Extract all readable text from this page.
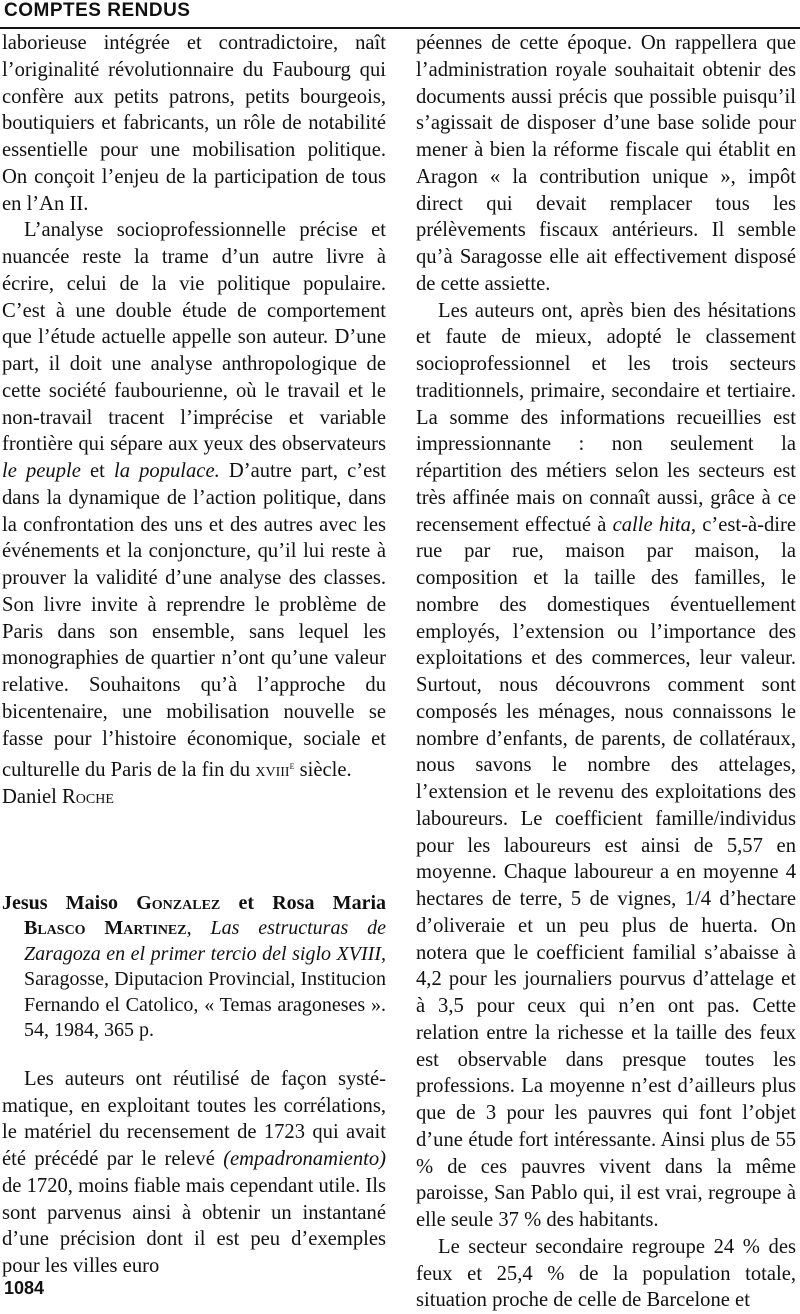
COMPTES RENDUS

laborieuse intégrée et contradictoire, naît l’originalité révolutionnaire du Faubourg qui confère aux petits patrons, petits bourgeois, boutiquiers et fabricants, un rôle de notabilité essentielle pour une mobilisation politique. On conçoit l’enjeu de la participation de tous en l’An II.

L’analyse socioprofessionnelle précise et nuancée reste la trame d’un autre livre à écrire, celui de la vie politique populaire. C’est à une double étude de comportement que l’étude actuelle appelle son auteur. D’une part, il doit une analyse anthropologique de cette société faubourienne, où le travail et le non-travail tracent l’imprécise et variable frontière qui sépare aux yeux des observateurs le peuple et la populace. D’autre part, c’est dans la dynamique de l’action politique, dans la confrontation des uns et des autres avec les événements et la conjoncture, qu’il lui reste à prouver la validité d’une analyse des classes. Son livre invite à reprendre le problème de Paris dans son ensemble, sans lequel les monographies de quartier n’ont qu’une valeur relative. Souhaitons qu’à l’approche du bicentenaire, une mobilisation nouvelle se fasse pour l’histoire économique, sociale et culturelle du Paris de la fin du xviii$^e$ siècle.

Daniel Roche

Jesus Maiso Gonzalez et Rosa Maria Blasco Martinez, Las estructuras de Zaragoza en el primer tercio del siglo XVIII, Saragosse, Diputacion Provincial, Institucion Fernando el Catolico, « Temas aragoneses ». 54, 1984, 365 p.

Les auteurs ont réutilisé de façon systématique, en exploitant toutes les corrélations, le matériel du recensement de 1723 qui avait été précédé par le relevé (empadronamiento) de 1720, moins fiable mais cependant utile. Ils sont parvenus ainsi à obtenir un instantané d’une précision dont il est peu d’exemples pour les villes euro

péennes de cette époque. On rappellera que l’administration royale souhaitait obtenir des documents aussi précis que possible puisqu’il s’agissait de disposer d’une base solide pour mener à bien la réforme fiscale qui établit en Aragon « la contribution unique », impôt direct qui devait remplacer tous les prélèvements fiscaux antérieurs. Il semble qu’à Saragosse elle ait effectivement disposé de cette assiette.

Les auteurs ont, après bien des hésitations et faute de mieux, adopté le classement socioprofessionnel et les trois secteurs traditionnels, primaire, secondaire et tertiaire. La somme des informations recueillies est impressionnante : non seulement la répartition des métiers selon les secteurs est très affinée mais on connaît aussi, grâce à ce recensement effectué à calle hita, c’est-à-dire rue par rue, maison par maison, la composition et la taille des familles, le nombre des domestiques éventuellement employés, l’extension ou l’importance des exploitations et des commerces, leur valeur. Surtout, nous découvrons comment sont composés les ménages, nous connaissons le nombre d’enfants, de parents, de collatéraux, nous savons le nombre des attelages, l’extension et le revenu des exploitations des laboureurs. Le coefficient famille/individus pour les laboureurs est ainsi de 5,57 en moyenne. Chaque laboureur a en moyenne 4 hectares de terre, 5 de vignes, 1/4 d’hectare d’oliveraie et un peu plus de huerta. On notera que le coefficient familial s’abaisse à 4,2 pour les journaliers pourvus d’attelage et à 3,5 pour ceux qui n’en ont pas. Cette relation entre la richesse et la taille des feux est observable dans presque toutes les professions. La moyenne n’est d’ailleurs plus que de 3 pour les pauvres qui font l’objet d’une étude fort intéressante. Ainsi plus de 55 % de ces pauvres vivent dans la même paroisse, San Pablo qui, il est vrai, regroupe à elle seule 37 % des habitants.

Le secteur secondaire regroupe 24 % des feux et 25,4 % de la population totale, situation proche de celle de Barcelone et

1084
